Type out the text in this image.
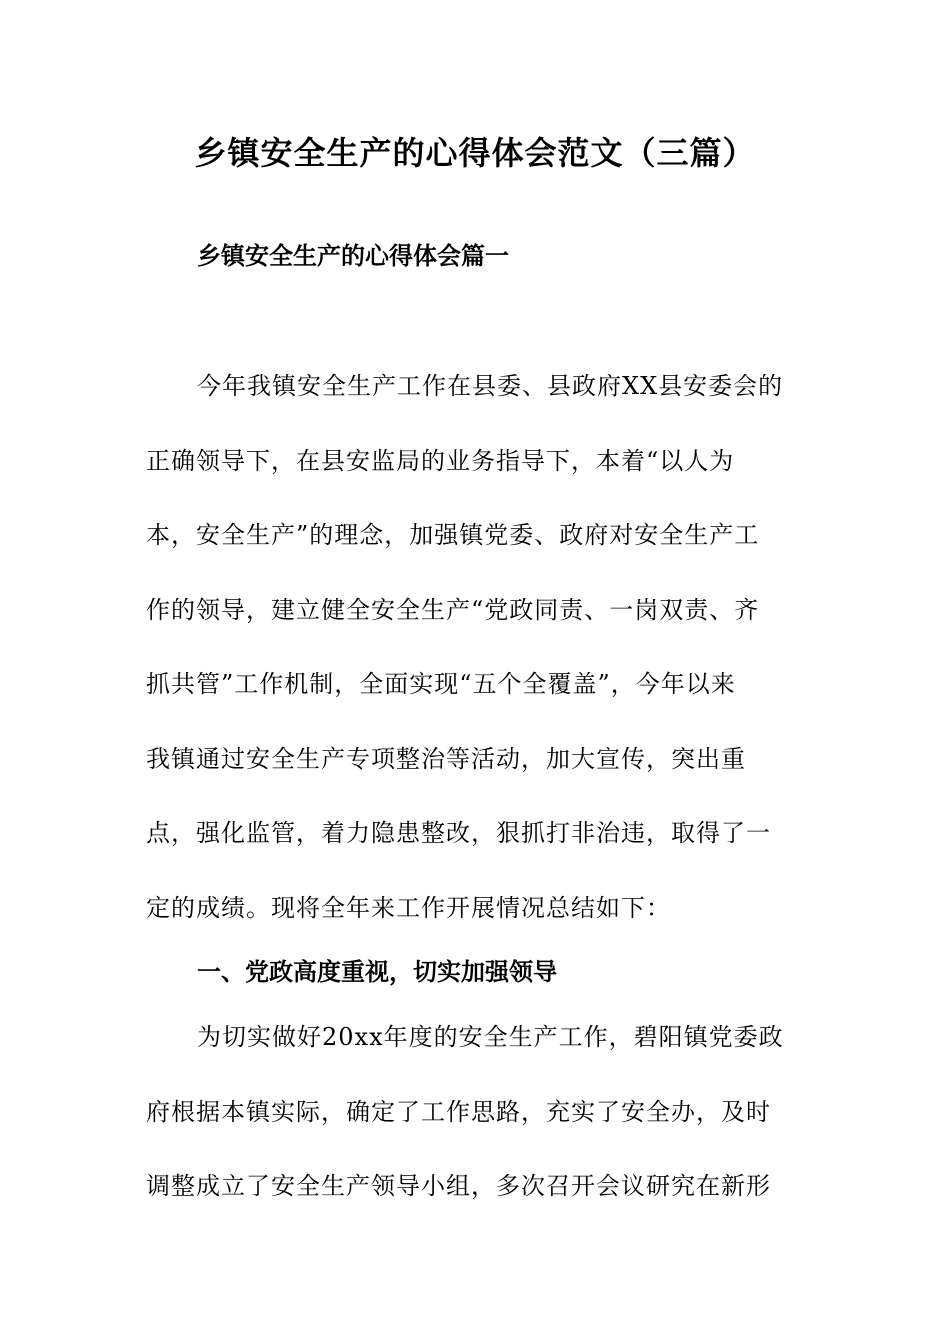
乡镇安全生产的心得体会范文（三篇）
乡镇安全生产的心得体会篇一
今年我镇安全生产工作在县委、县政府XX县安委会的
正确领导下，在县安监局的业务指导下，本着“以人为
本，安全生产”的理念，加强镇党委、政府对安全生产工
作的领导，建立健全安全生产“党政同责、一岗双责、齐
抓共管”工作机制，全面实现“五个全覆盖”，今年以来
我镇通过安全生产专项整治等活动，加大宣传，突出重
点，强化监管，着力隐患整改，狠抓打非治违，取得了一
定的成绩。现将全年来工作开展情况总结如下：
一、党政高度重视，切实加强领导
为切实做好20xx年度的安全生产工作，碧阳镇党委政
府根据本镇实际，确定了工作思路，充实了安全办，及时
调整成立了安全生产领导小组，多次召开会议研究在新形
